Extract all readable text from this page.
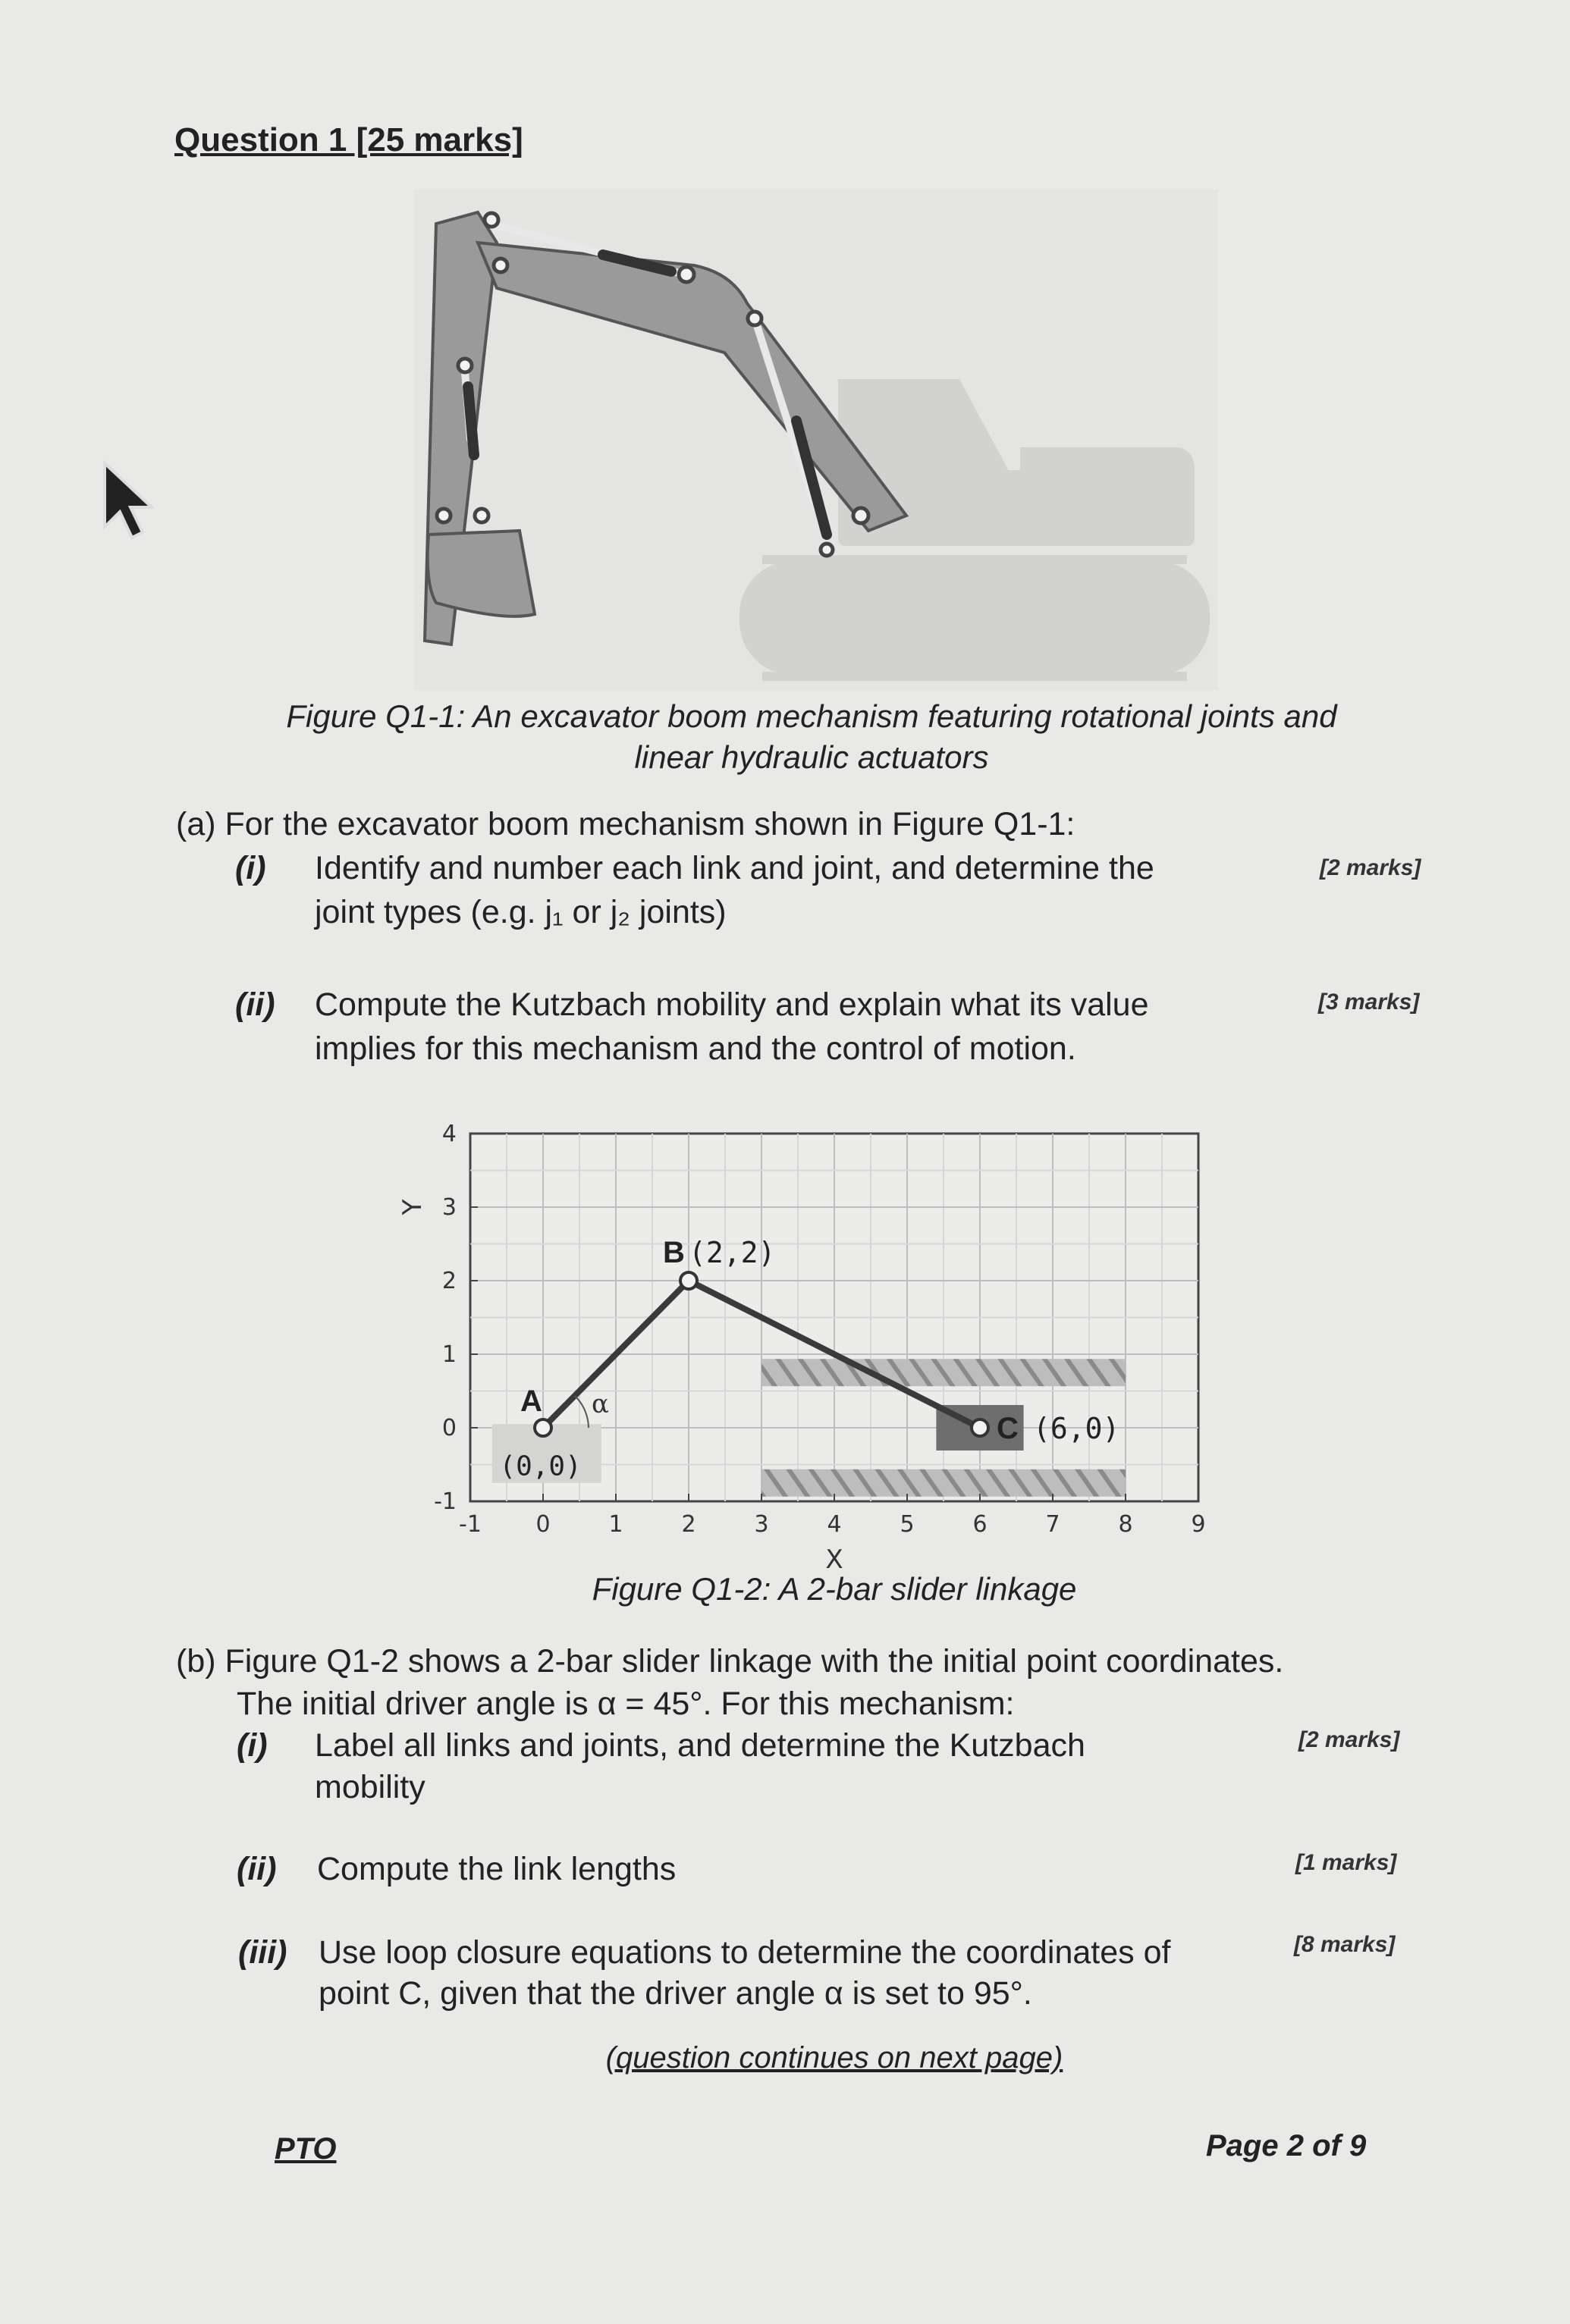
Question 1 [25 marks]
Figure Q1-1: An excavator boom mechanism featuring rotational joints and
linear hydraulic actuators
(a) For the excavator boom mechanism shown in Figure Q1-1:
(i) Identify and number each link and joint, and determine the
joint types (e.g. j₁ or j₂ joints)
[2 marks]
(ii) Compute the Kutzbach mobility and explain what its value
implies for this mechanism and the control of motion.
[3 marks]
-1 0	1	2	3	4	5	6	7	8	9
-1
0
1
2
3
4
X
Y
A α
(0,0)
B (2,2)
C (6,0)
Figure Q1-2: A 2-bar slider linkage
(b) Figure Q1-2 shows a 2-bar slider linkage with the initial point coordinates.
The initial driver angle is α = 45°. For this mechanism:
(i) Label all links and joints, and determine the Kutzbach
mobility
[2 marks]
(ii) Compute the link lengths	[1 marks]
(iii) Use loop closure equations to determine the coordinates of
point C, given that the driver angle α is set to 95°.
[8 marks]
(question continues on next page)
PTO	Page 2 of 9
